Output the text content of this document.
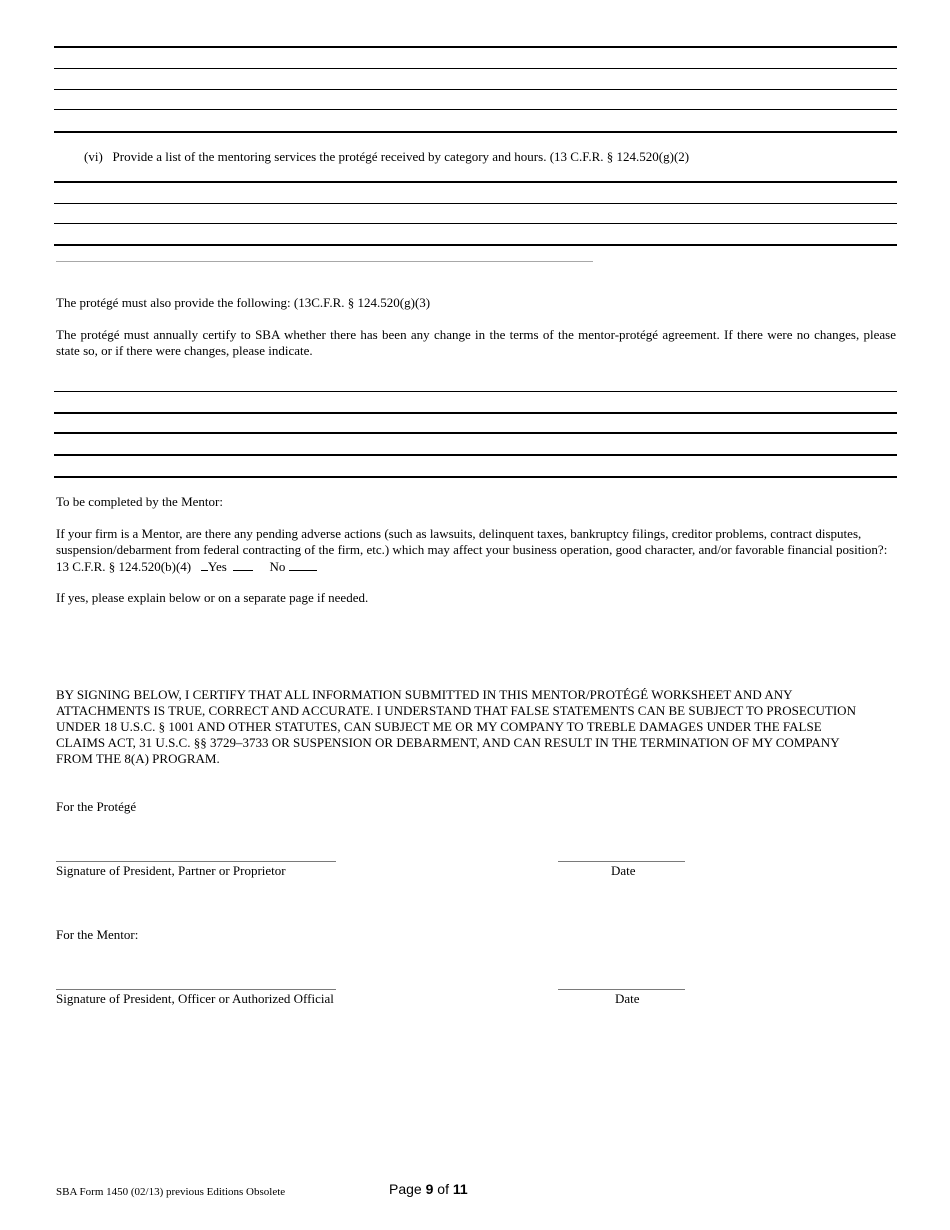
(vi) Provide a list of the mentoring services the protégé received by category and hours. (13 C.F.R. § 124.520(g)(2)
The protégé must also provide the following: (13C.F.R. § 124.520(g)(3)
The protégé must annually certify to SBA whether there has been any change in the terms of the mentor-protégé agreement. If there were no changes, please state so, or if there were changes, please indicate.
To be completed by the Mentor:
If your firm is a Mentor, are there any pending adverse actions (such as lawsuits, delinquent taxes, bankruptcy filings, creditor problems, contract disputes, suspension/debarment from federal contracting of the firm, etc.) which may affect your business operation, good character, and/or favorable financial position?: 13 C.F.R. § 124.520(b)(4) Yes	No
If yes, please explain below or on a separate page if needed.
BY SIGNING BELOW, I CERTIFY THAT ALL INFORMATION SUBMITTED IN THIS MENTOR/PROTÉGÉ WORKSHEET AND ANY ATTACHMENTS IS TRUE, CORRECT AND ACCURATE. I UNDERSTAND THAT FALSE STATEMENTS CAN BE SUBJECT TO PROSECUTION UNDER 18 U.S.C. § 1001 AND OTHER STATUTES, CAN SUBJECT ME OR MY COMPANY TO TREBLE DAMAGES UNDER THE FALSE CLAIMS ACT, 31 U.S.C. §§ 3729–3733 OR SUSPENSION OR DEBARMENT, AND CAN RESULT IN THE TERMINATION OF MY COMPANY FROM THE 8(A) PROGRAM.
For the Protégé
Signature of President, Partner or Proprietor	Date
For the Mentor:
Signature of President, Officer or Authorized Official	Date
SBA Form 1450 (02/13) previous Editions Obsolete	Page 9 of 11
